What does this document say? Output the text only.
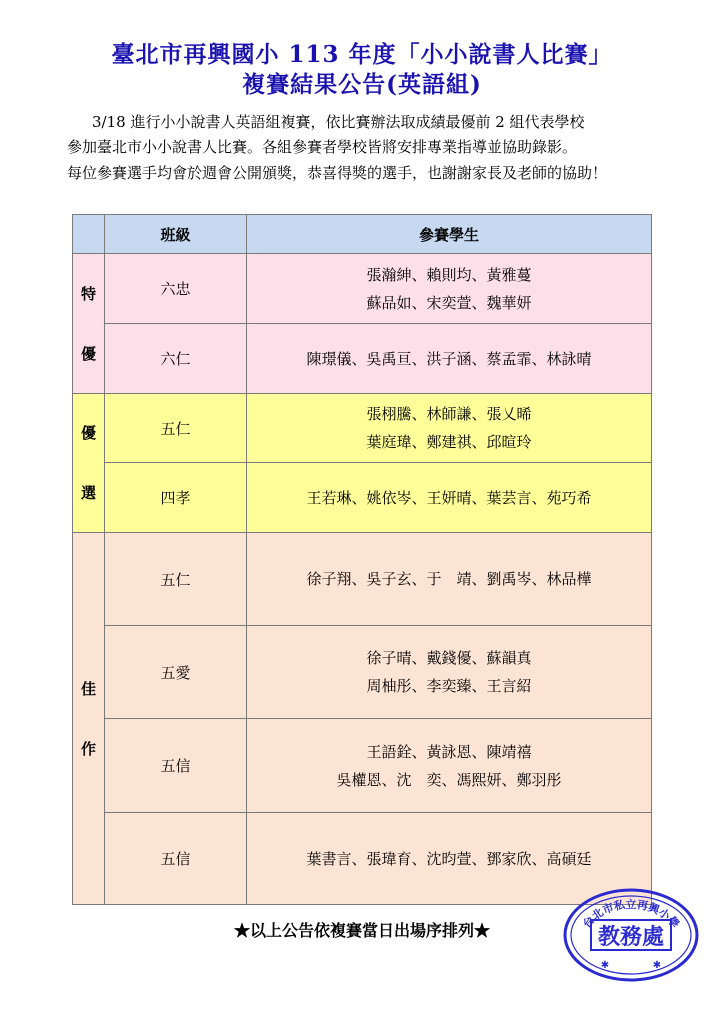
臺北市再興國小 113 年度「小小說書人比賽」
複賽結果公告(英語組)
3/18 進行小小說書人英語組複賽，依比賽辦法取成績最優前 2 組代表學校
參加臺北市小小說書人比賽。各組參賽者學校皆將安排專業指導並協助錄影。
每位參賽選手均會於週會公開頒獎，恭喜得獎的選手，也謝謝家長及老師的協助！
	班級	參賽學生

特
優	六忠	張瀚紳、賴則均、黃雅蔓
蘇品如、宋奕萱、魏華妍

	六仁	陳璟儀、吳禹亘、洪子涵、蔡孟霏、林詠晴

優
選	五仁	張栩騰、林師謙、張乂晞
葉庭瑋、鄭建祺、邱暄玲

	四孝	王若琳、姚依岑、王妍晴、葉芸言、苑巧希

佳
作	五仁	徐子翔、吳子玄、于　靖、劉禹岑、林品樺

	五愛	徐子晴、戴錢優、蘇韻真
周柚彤、李奕臻、王言紹

	五信	王語銓、黃詠恩、陳靖禧
吳權恩、沈　奕、馮熙妍、鄭羽彤

	五信	葉書言、張瑋育、沈昀萱、鄧家欣、高碩廷
★以上公告依複賽當日出場序排列★	台北市私立再興小學
教務處
✱	✱
